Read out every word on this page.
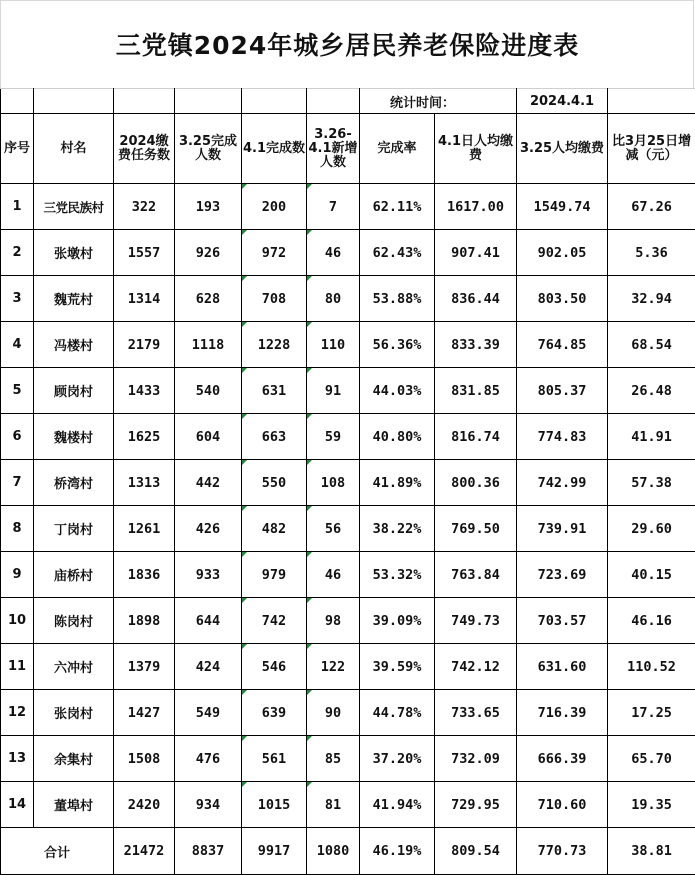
三党镇2024年城乡居民养老保险进度表
						统计时间：		2024.4.1	
序号	村名	2024缴费任务数	3.25完成人数	4.1完成数	3.26-4.1新增人数	完成率	4.1日人均缴费	3.25人均缴费	比3月25日增减（元）
1	三党民族村	322	193	200	7	62.11%	1617.00	1549.74	67.26
2	张墩村	1557	926	972	46	62.43%	907.41	902.05	5.36
3	魏荒村	1314	628	708	80	53.88%	836.44	803.50	32.94
4	冯楼村	2179	1118	1228	110	56.36%	833.39	764.85	68.54
5	顾岗村	1433	540	631	91	44.03%	831.85	805.37	26.48
6	魏楼村	1625	604	663	59	40.80%	816.74	774.83	41.91
7	桥湾村	1313	442	550	108	41.89%	800.36	742.99	57.38
8	丁岗村	1261	426	482	56	38.22%	769.50	739.91	29.60
9	庙桥村	1836	933	979	46	53.32%	763.84	723.69	40.15
10	陈岗村	1898	644	742	98	39.09%	749.73	703.57	46.16
11	六冲村	1379	424	546	122	39.59%	742.12	631.60	110.52
12	张岗村	1427	549	639	90	44.78%	733.65	716.39	17.25
13	余集村	1508	476	561	85	37.20%	732.09	666.39	65.70
14	董埠村	2420	934	1015	81	41.94%	729.95	710.60	19.35
合计		21472	8837	9917	1080	46.19%	809.54	770.73	38.81
